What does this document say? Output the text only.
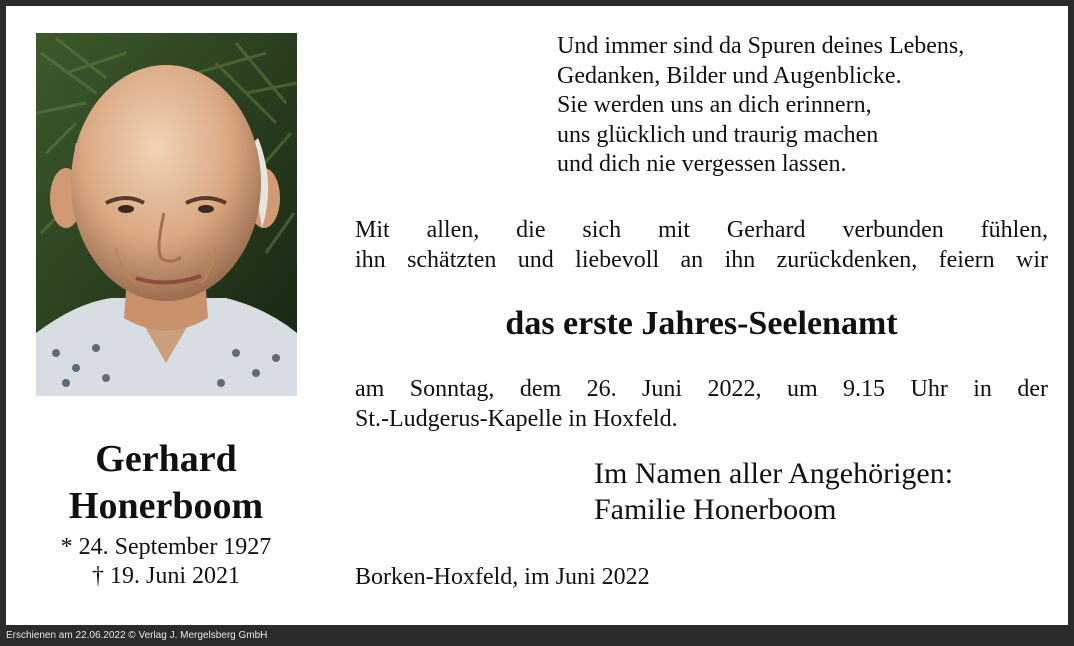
Gerhard
Honerboom
* 24. September 1927
† 19. Juni 2021
Und immer sind da Spuren deines Lebens,
Gedanken, Bilder und Augenblicke.
Sie werden uns an dich erinnern,
uns glücklich und traurig machen
und dich nie vergessen lassen.
Mit allen, die sich mit Gerhard verbunden fühlen,
ihn schätzten und liebevoll an ihn zurückdenken, feiern wir
das erste Jahres-Seelenamt
am Sonntag, dem 26. Juni 2022, um 9.15 Uhr in der
St.-Ludgerus-Kapelle in Hoxfeld.
Im Namen aller Angehörigen:
Familie Honerboom
Borken-Hoxfeld, im Juni 2022
Erschienen am 22.06.2022 © Verlag J. Mergelsberg GmbH
